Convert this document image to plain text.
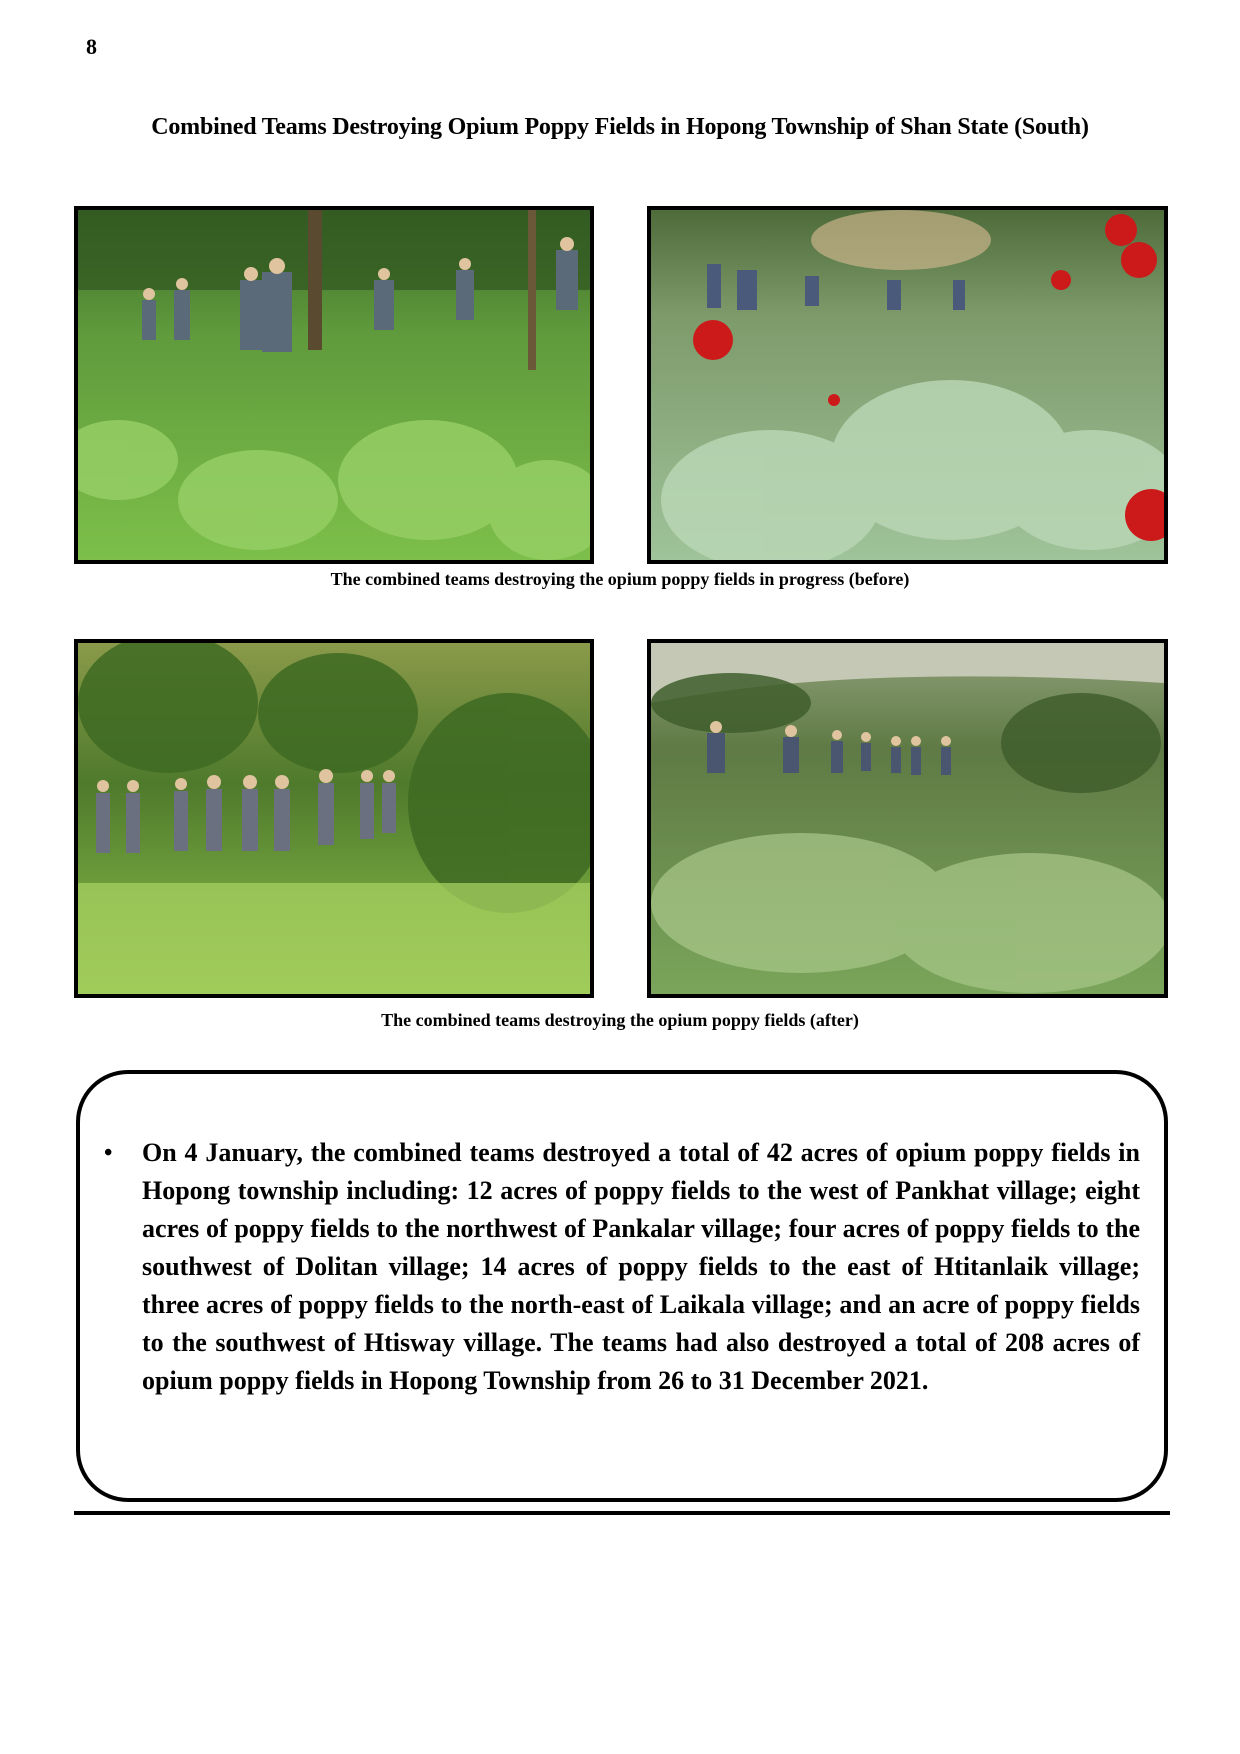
8
Combined Teams Destroying Opium Poppy Fields in Hopong Township of Shan State (South)
The combined teams destroying the opium poppy fields in progress (before)
The combined teams destroying the opium poppy fields (after)
• On 4 January, the combined teams destroyed a total of 42 acres of opium poppy fields in Hopong township including: 12 acres of poppy fields to the west of Pankhat village; eight acres of poppy fields to the northwest of Pankalar village; four acres of poppy fields to the southwest of Dolitan village; 14 acres of poppy fields to the east of Htitanlaik village; three acres of poppy fields to the north-east of Laikala village; and an acre of poppy fields to the southwest of Htisway village. The teams had also destroyed a total of 208 acres of opium poppy fields in Hopong Township from 26 to 31 December 2021.
